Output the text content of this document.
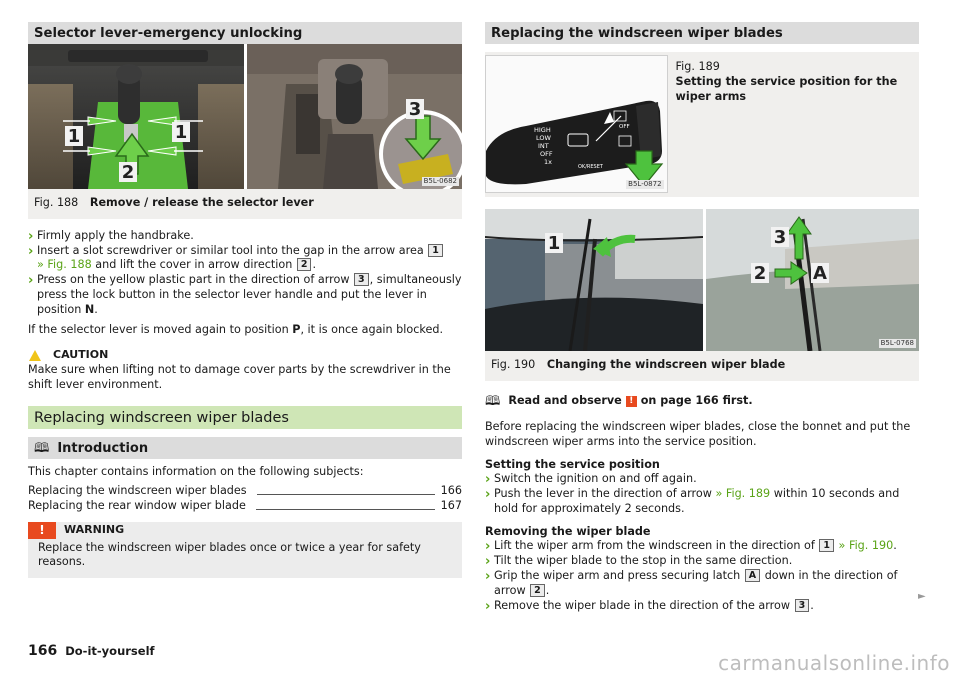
Selector lever-emergency unlocking
1	1
2
3
B5L-0682
Fig. 188 Remove / release the selector lever
› Firmly apply the handbrake.
› Insert a slot screwdriver or similar tool into the gap in the arrow area 1
» Fig. 188 and lift the cover in arrow direction 2 .
› Press on the yellow plastic part in the direction of arrow 3 , simultaneously press the lock button in the selector lever handle and put the lever in position N.

If the selector lever is moved again to position P, it is once again blocked.

CAUTION

Make sure when lifting not to damage cover parts by the screwdriver in the shift lever environment.

Replacing windscreen wiper blades
🕮 Introduction

This chapter contains information on the following subjects:

Replacing the windscreen wiper blades	166
Replacing the rear window wiper blade	167
!	WARNING

Replace the windscreen wiper blades once or twice a year for safety reasons.

Replacing the windscreen wiper blades
HIGH
LOW
INT
OFF
1x
OK/RESET
OFF
B5L-0872
Fig. 189
Setting the service position for the wiper arms
1	3
2	A
B5L-0768
Fig. 190 Changing the windscreen wiper blade
🕮 Read and observe ! on page 166 first.

Before replacing the windscreen wiper blades, close the bonnet and put the windscreen wiper arms into the service position.

Setting the service position

› Switch the ignition on and off again.
› Push the lever in the direction of arrow » Fig. 189 within 10 seconds and hold for approximately 2 seconds.

Removing the wiper blade

› Lift the wiper arm from the windscreen in the direction of 1 » Fig. 190.
› Tilt the wiper blade to the stop in the same direction.
› Grip the wiper arm and press securing latch A down in the direction of arrow 2 .
› Remove the wiper blade in the direction of the arrow 3 .
►
166 Do-it-yourself
carmanualsonline.info
